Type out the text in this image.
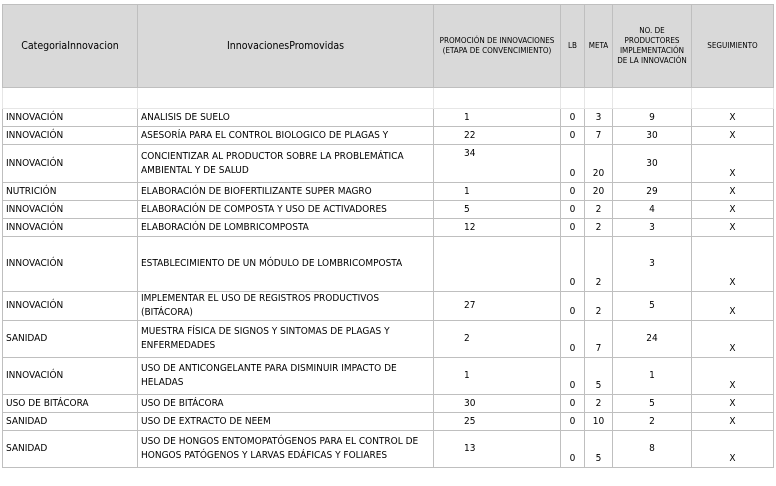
CategoriaInnovacion	InnovacionesPromovidas	PROMOCIÓN DE INNOVACIONES (ETAPA DE CONVENCIMIENTO)	LB	META	NO. DE PRODUCTORES IMPLEMENTACIÓN DE LA INNOVACIÓN	SEGUIMIENTO

INNOVACIÓN	ANALISIS DE SUELO	1	0	3	9	X
INNOVACIÓN	ASESORÍA PARA EL CONTROL BIOLOGICO DE PLAGAS Y	22	0	7	30	X
INNOVACIÓN	CONCIENTIZAR AL PRODUCTOR SOBRE LA PROBLEMÁTICA AMBIENTAL Y DE SALUD	34	0	20	30	X
NUTRICIÓN	ELABORACIÓN DE BIOFERTILIZANTE SUPER MAGRO	1	0	20	29	X
INNOVACIÓN	ELABORACIÓN DE COMPOSTA Y USO DE ACTIVADORES	5	0	2	4	X
INNOVACIÓN	ELABORACIÓN DE LOMBRICOMPOSTA	12	0	2	3	X
INNOVACIÓN	ESTABLECIMIENTO DE UN MÓDULO DE LOMBRICOMPOSTA		0	2	3	X
INNOVACIÓN	IMPLEMENTAR EL USO DE REGISTROS PRODUCTIVOS (BITÁCORA)	27	0	2	5	X
SANIDAD	MUESTRA FÍSICA DE SIGNOS Y SINTOMAS DE PLAGAS Y ENFERMEDADES	2	0	7	24	X
INNOVACIÓN	USO DE ANTICONGELANTE PARA DISMINUIR IMPACTO DE HELADAS	1	0	5	1	X
USO DE BITÁCORA	USO DE BITÁCORA	30	0	2	5	X
SANIDAD	USO DE EXTRACTO DE NEEM	25	0	10	2	X
SANIDAD	USO DE HONGOS ENTOMOPATÓGENOS PARA EL CONTROL DE HONGOS PATÓGENOS Y LARVAS EDÁFICAS Y FOLIARES	13	0	5	8	X
